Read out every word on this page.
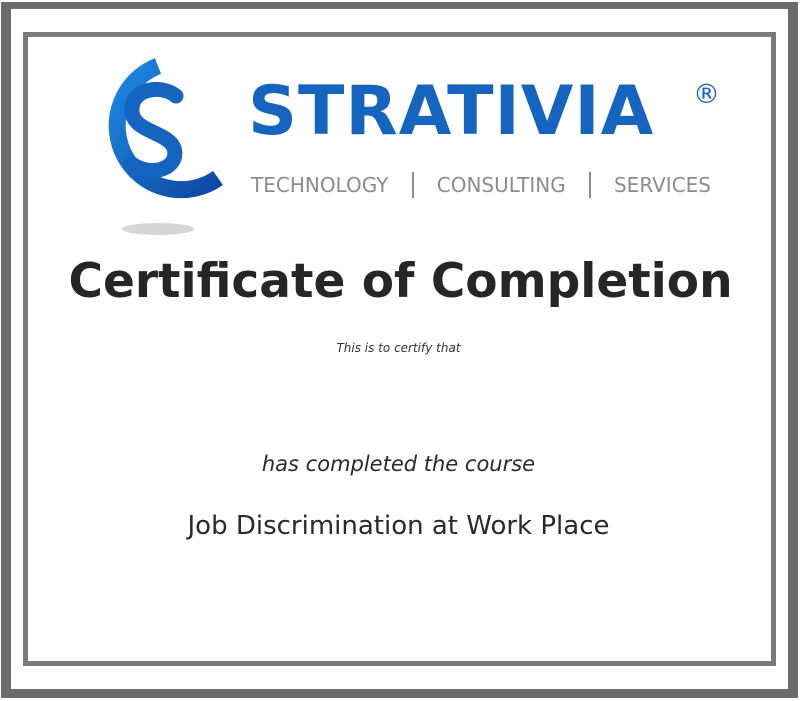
STRATIVIA ®
TECHNOLOGY CONSULTING SERVICES
Certificate of Completion
This is to certify that
has completed the course
Job Discrimination at Work Place
